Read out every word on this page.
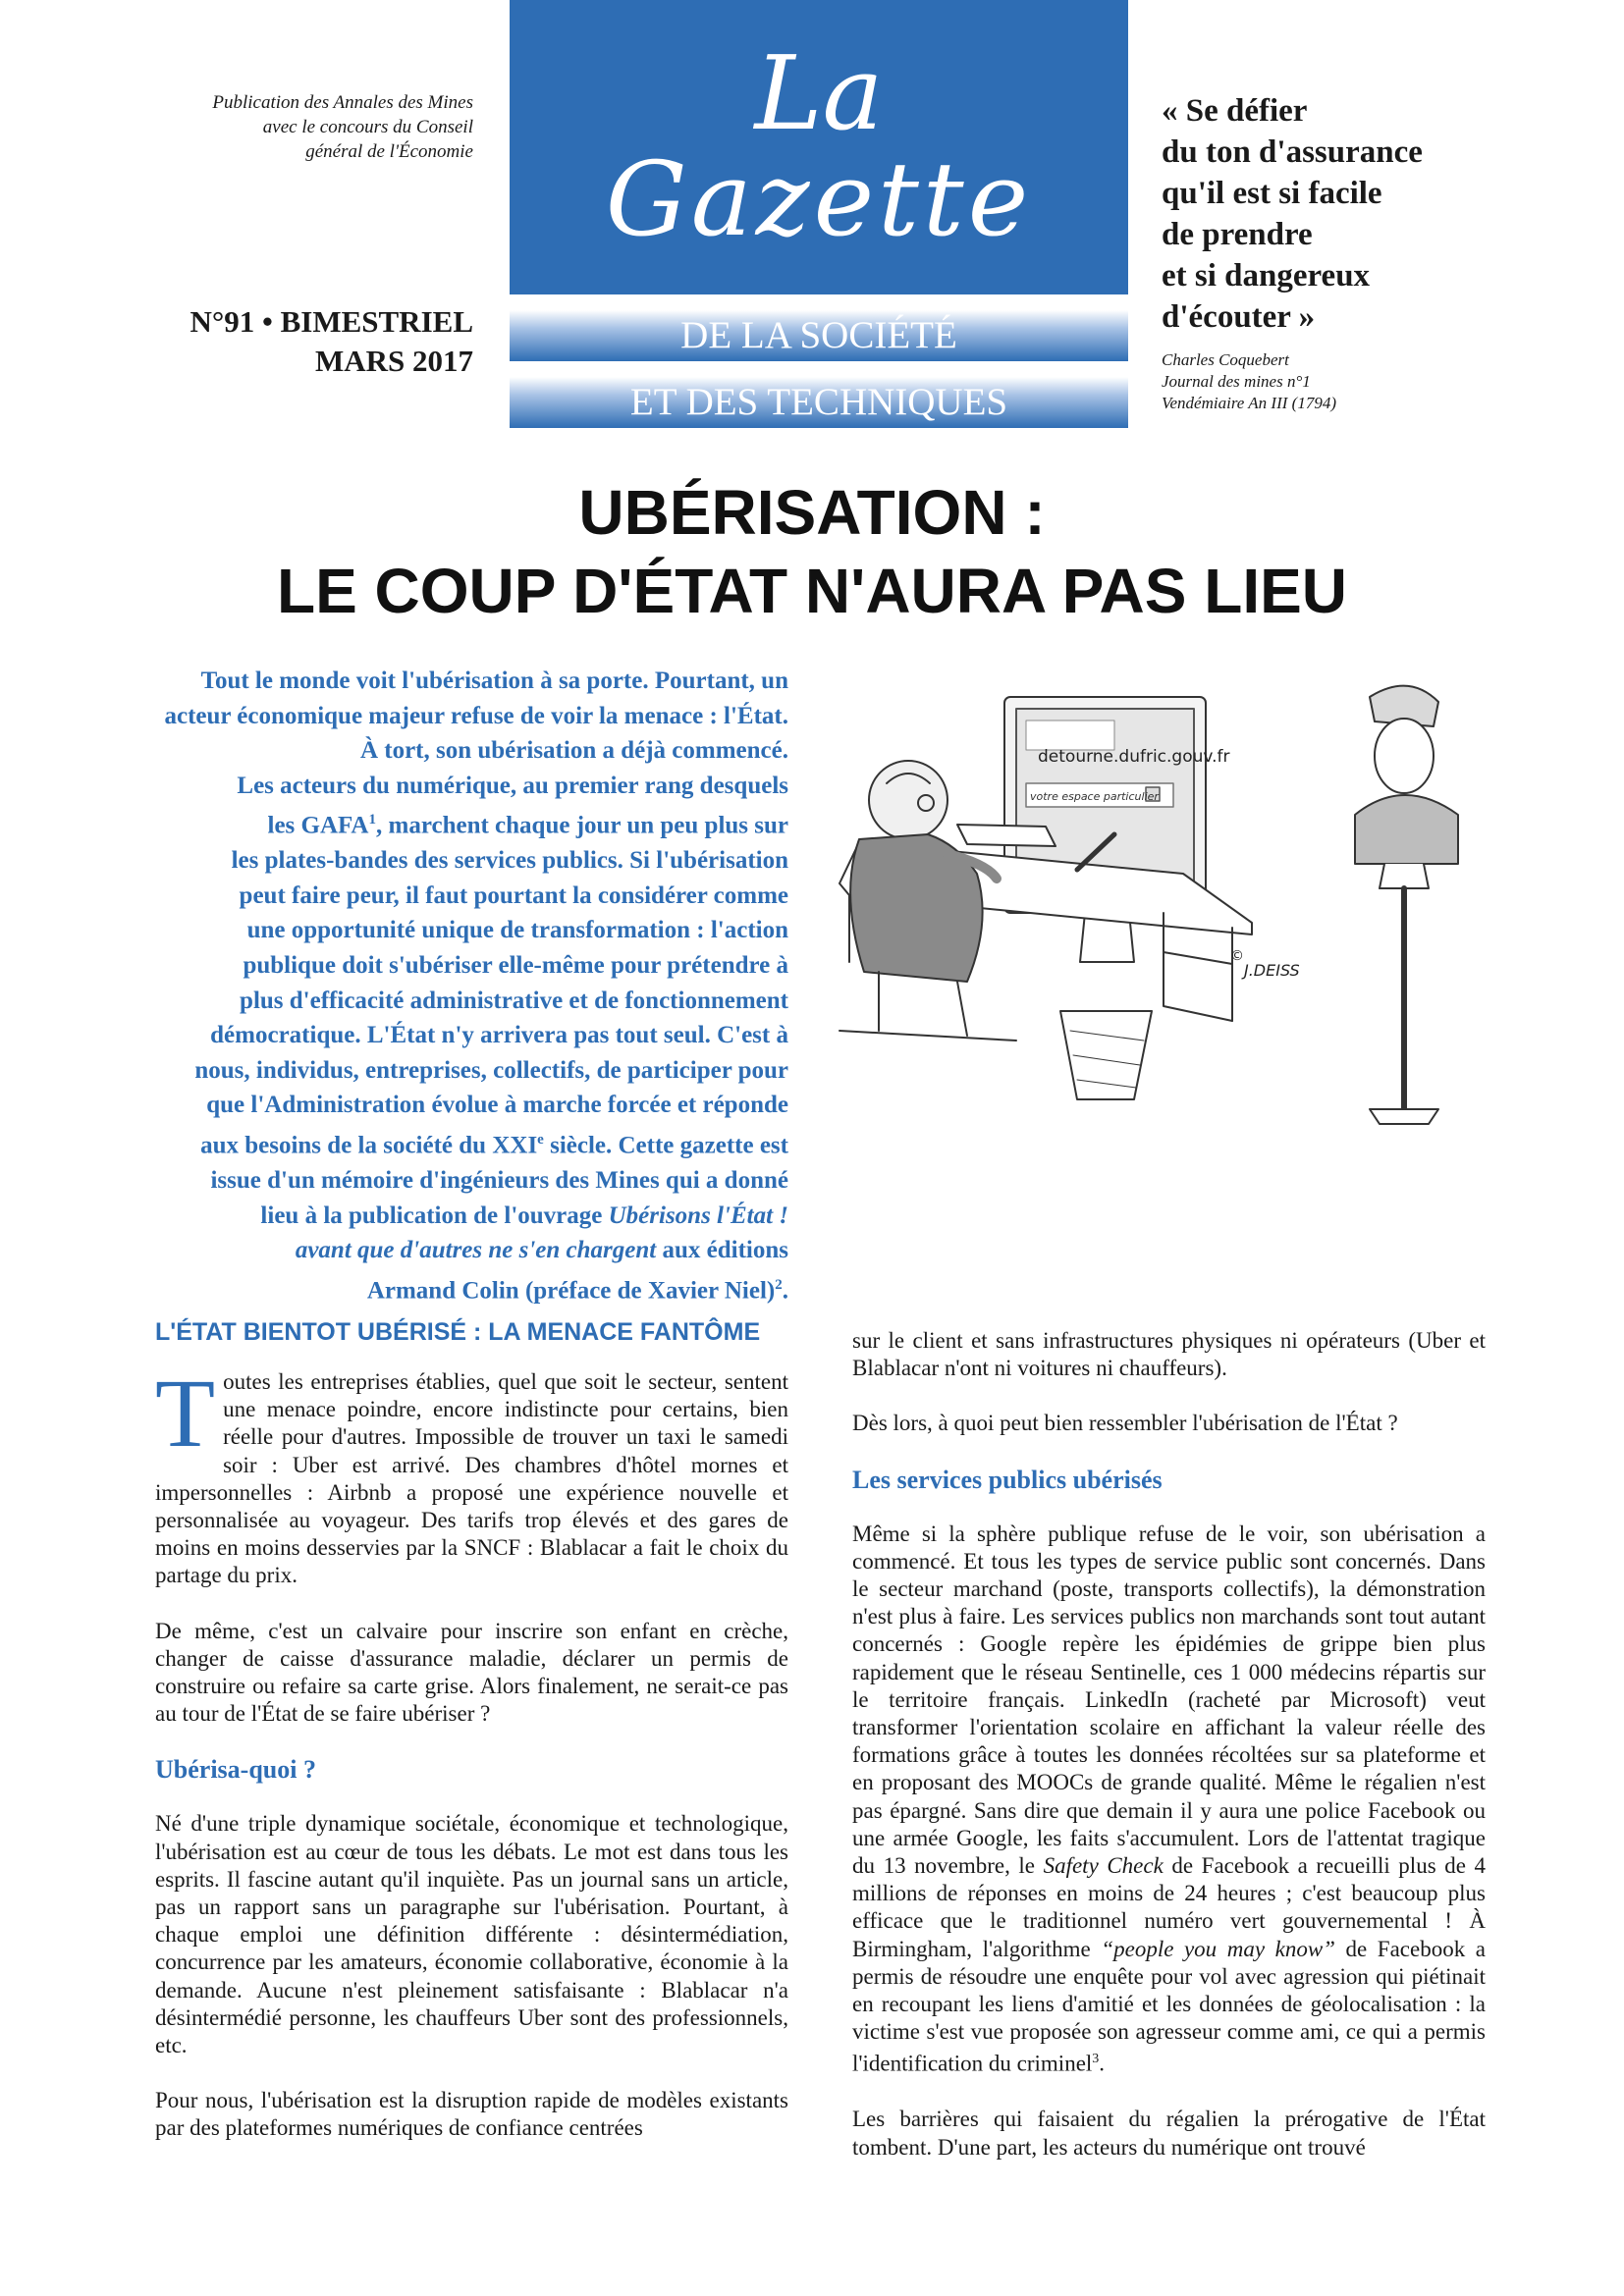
Publication des Annales des Mines
avec le concours du Conseil
général de l'Économie
N°91 • BIMESTRIEL
MARS 2017
La
Gazette
DE LA SOCIÉTÉ
ET DES TECHNIQUES
« Se défier
du ton d'assurance
qu'il est si facile
de prendre
et si dangereux
d'écouter »
Charles Coquebert
Journal des mines n°1
Vendémiaire An III (1794)
UBÉRISATION :
LE COUP D'ÉTAT N'AURA PAS LIEU
Tout le monde voit l'ubérisation à sa porte. Pourtant, un
acteur économique majeur refuse de voir la menace : l'État.
À tort, son ubérisation a déjà commencé.
Les acteurs du numérique, au premier rang desquels
les GAFA$^1$, marchent chaque jour un peu plus sur
les plates-bandes des services publics. Si l'ubérisation
peut faire peur, il faut pourtant la considérer comme
une opportunité unique de transformation : l'action
publique doit s'ubériser elle-même pour prétendre à
plus d'efficacité administrative et de fonctionnement
démocratique. L'État n'y arrivera pas tout seul. C'est à
nous, individus, entreprises, collectifs, de participer pour
que l'Administration évolue à marche forcée et réponde
aux besoins de la société du XXIe siècle. Cette gazette est
issue d'un mémoire d'ingénieurs des Mines qui a donné
lieu à la publication de l'ouvrage Ubérisons l'État !
avant que d'autres ne s'en chargent aux éditions
Armand Colin (préface de Xavier Niel)$^2$.
detourne.dufric.gouv.fr
votre espace particulier
©
J.DEISS
L'ÉTAT BIENTOT UBÉRISÉ : LA MENACE FANTÔME

Toutes les entreprises établies, quel que soit le secteur, sentent une menace poindre, encore indistincte pour certains, bien réelle pour d'autres. Impossible de trouver un taxi le samedi soir : Uber est arrivé. Des chambres d'hôtel mornes et impersonnelles : Airbnb a proposé une expérience nouvelle et personnalisée au voyageur. Des tarifs trop élevés et des gares de moins en moins desservies par la SNCF : Blablacar a fait le choix du partage du prix.

De même, c'est un calvaire pour inscrire son enfant en crèche, changer de caisse d'assurance maladie, déclarer un permis de construire ou refaire sa carte grise. Alors finalement, ne serait-ce pas au tour de l'État de se faire ubériser ?

Ubérisa-quoi ?

Né d'une triple dynamique sociétale, économique et technologique, l'ubérisation est au cœur de tous les débats. Le mot est dans tous les esprits. Il fascine autant qu'il inquiète. Pas un journal sans un article, pas un rapport sans un paragraphe sur l'ubérisation. Pourtant, à chaque emploi une définition différente : désintermédiation, concurrence par les amateurs, économie collaborative, économie à la demande. Aucune n'est pleinement satisfaisante : Blablacar n'a désintermédié personne, les chauffeurs Uber sont des professionnels, etc.

Pour nous, l'ubérisation est la disruption rapide de modèles existants par des plateformes numériques de confiance centrées

sur le client et sans infrastructures physiques ni opérateurs (Uber et Blablacar n'ont ni voitures ni chauffeurs).

Dès lors, à quoi peut bien ressembler l'ubérisation de l'État ?

Les services publics ubérisés

Même si la sphère publique refuse de le voir, son ubérisation a commencé. Et tous les types de service public sont concernés. Dans le secteur marchand (poste, transports collectifs), la démonstration n'est plus à faire. Les services publics non marchands sont tout autant concernés : Google repère les épidémies de grippe bien plus rapidement que le réseau Sentinelle, ces 1 000 médecins répartis sur le territoire français. LinkedIn (racheté par Microsoft) veut transformer l'orientation scolaire en affichant la valeur réelle des formations grâce à toutes les données récoltées sur sa plateforme et en proposant des MOOCs de grande qualité. Même le régalien n'est pas épargné. Sans dire que demain il y aura une police Facebook ou une armée Google, les faits s'accumulent. Lors de l'attentat tragique du 13 novembre, le Safety Check de Facebook a recueilli plus de 4 millions de réponses en moins de 24 heures ; c'est beaucoup plus efficace que le traditionnel numéro vert gouvernemental ! À Birmingham, l'algorithme “people you may know” de Facebook a permis de résoudre une enquête pour vol avec agression qui piétinait en recoupant les liens d'amitié et les données de géolocalisation : la victime s'est vue proposée son agresseur comme ami, ce qui a permis l'identification du criminel$^3$.

Les barrières qui faisaient du régalien la prérogative de l'État tombent. D'une part, les acteurs du numérique ont trouvé
